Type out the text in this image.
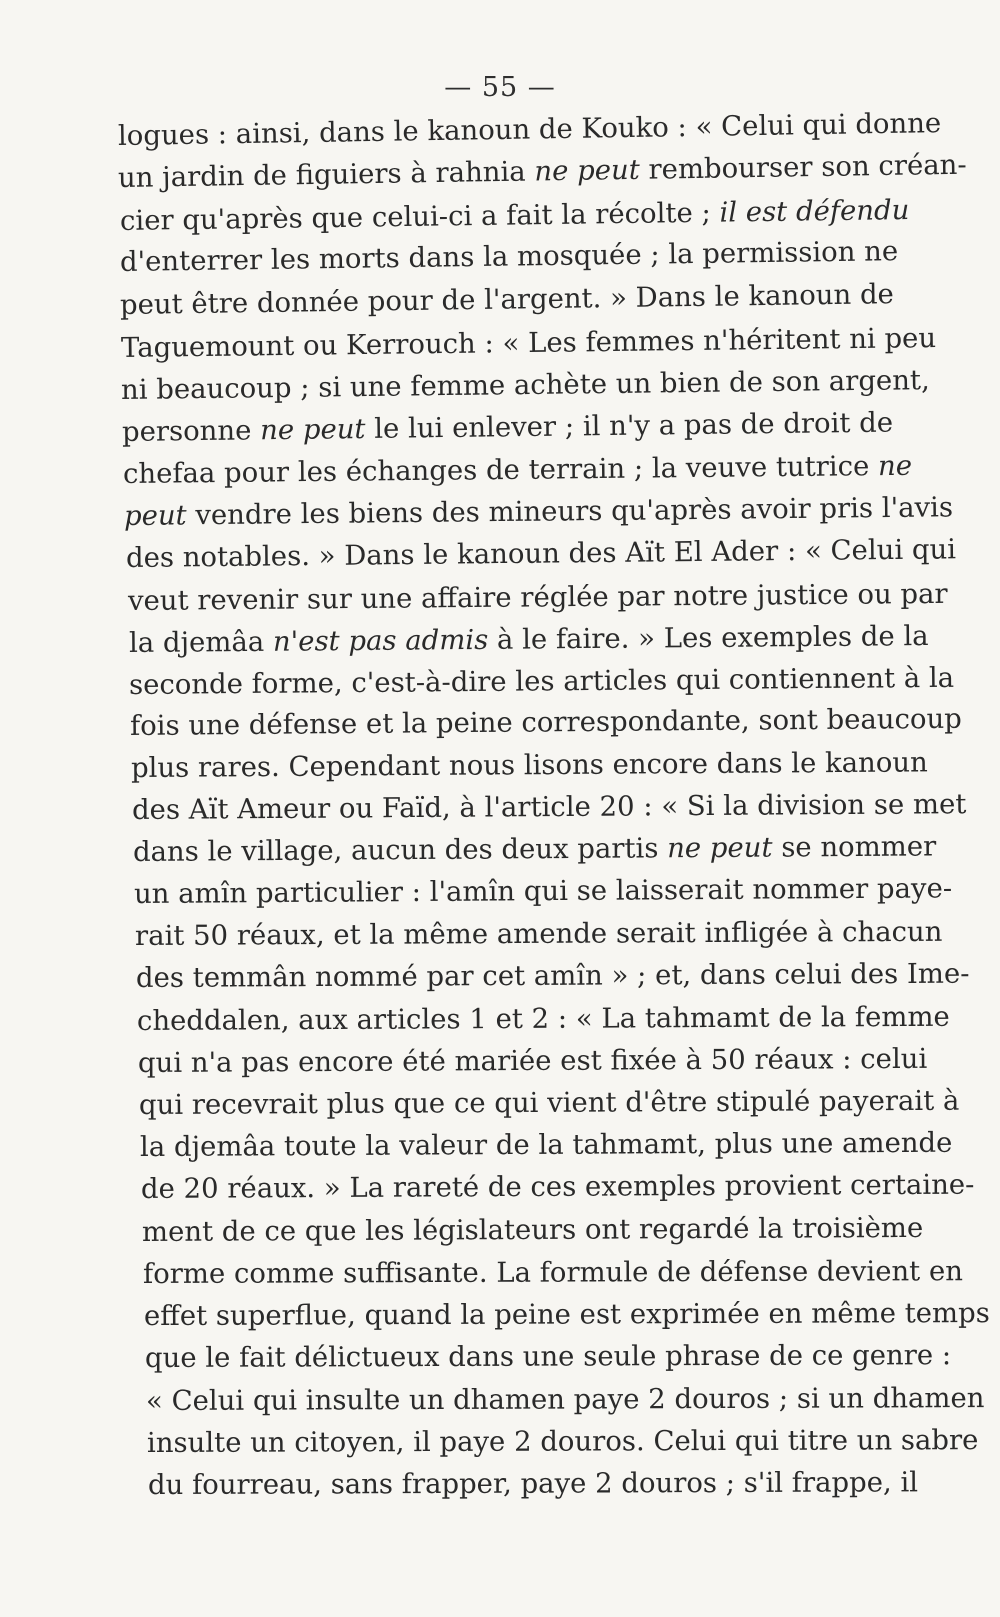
— 55 —
logues : ainsi, dans le kanoun de Kouko : « Celui qui donne
un jardin de figuiers à rahnia ne peut rembourser son créan-
cier qu'après que celui-ci a fait la récolte ; il est défendu
d'enterrer les morts dans la mosquée ; la permission ne
peut être donnée pour de l'argent. » Dans le kanoun de
Taguemount ou Kerrouch : « Les femmes n'héritent ni peu
ni beaucoup ; si une femme achète un bien de son argent,
personne ne peut le lui enlever ; il n'y a pas de droit de
chefaa pour les échanges de terrain ; la veuve tutrice ne
peut vendre les biens des mineurs qu'après avoir pris l'avis
des notables. » Dans le kanoun des Aït El Ader : « Celui qui
veut revenir sur une affaire réglée par notre justice ou par
la djemâa n'est pas admis à le faire. » Les exemples de la
seconde forme, c'est-à-dire les articles qui contiennent à la
fois une défense et la peine correspondante, sont beaucoup
plus rares. Cependant nous lisons encore dans le kanoun
des Aït Ameur ou Faïd, à l'article 20 : « Si la division se met
dans le village, aucun des deux partis ne peut se nommer
un amîn particulier : l'amîn qui se laisserait nommer paye-
rait 50 réaux, et la même amende serait infligée à chacun
des temmân nommé par cet amîn » ; et, dans celui des Ime-
cheddalen, aux articles 1 et 2 : « La tahmamt de la femme
qui n'a pas encore été mariée est fixée à 50 réaux : celui
qui recevrait plus que ce qui vient d'être stipulé payerait à
la djemâa toute la valeur de la tahmamt, plus une amende
de 20 réaux. » La rareté de ces exemples provient certaine-
ment de ce que les législateurs ont regardé la troisième
forme comme suffisante. La formule de défense devient en
effet superflue, quand la peine est exprimée en même temps
que le fait délictueux dans une seule phrase de ce genre :
« Celui qui insulte un dhamen paye 2 douros ; si un dhamen
insulte un citoyen, il paye 2 douros. Celui qui titre un sabre
du fourreau, sans frapper, paye 2 douros ; s'il frappe, il
